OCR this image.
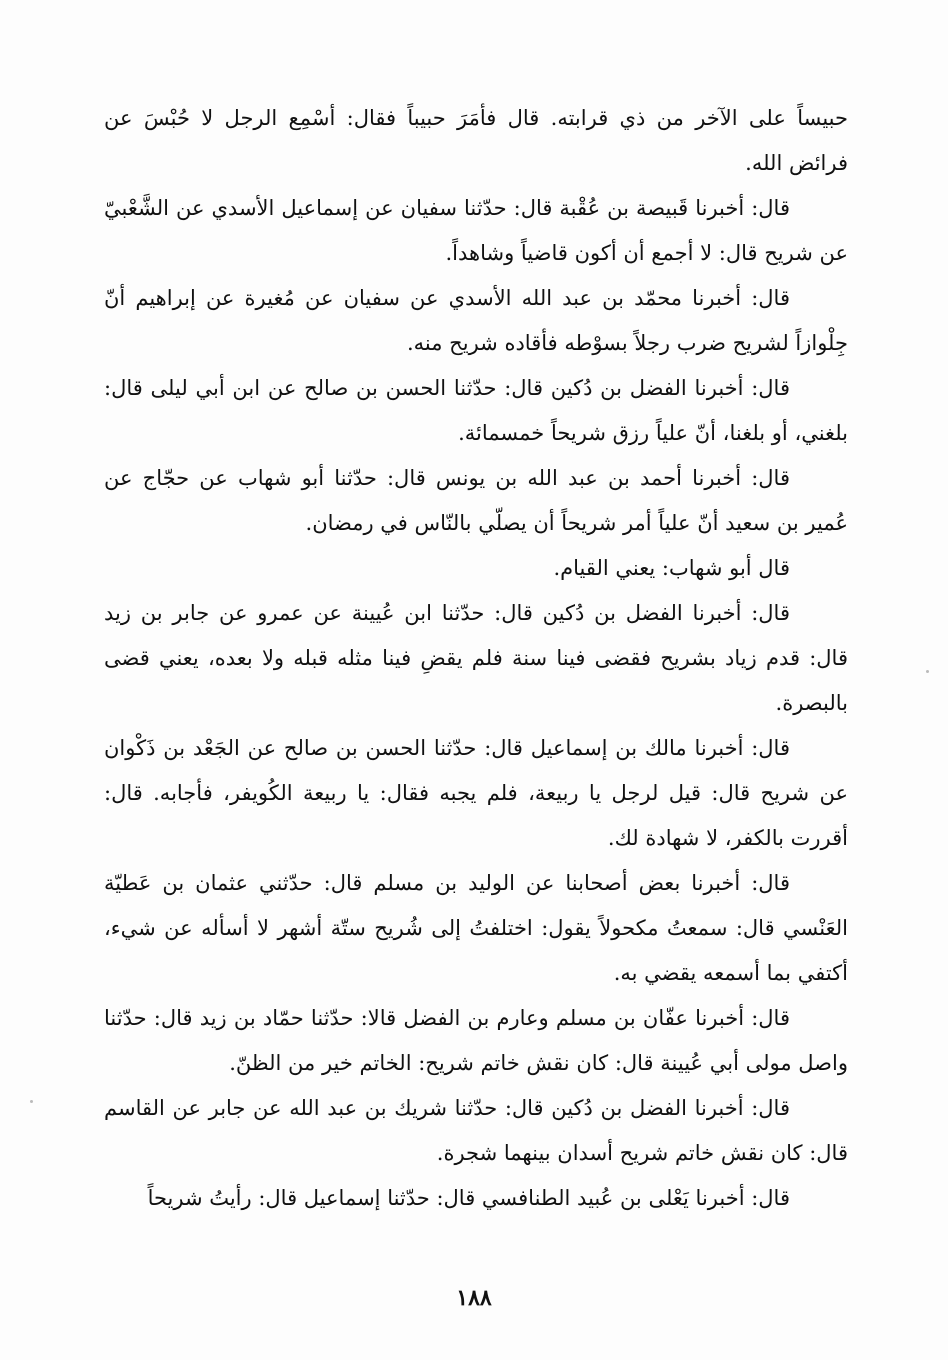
حبيساً على الآخر من ذي قرابته. قال فأمَرَ حبيباً فقال: أسْمِع الرجل لا حُبْسَ عن فرائض الله.

قال: أخبرنا قَبيصة بن عُقْبة قال: حدّثنا سفيان عن إسماعيل الأسدي عن الشَّعْبيّ عن شريح قال: لا أجمع أن أكون قاضياً وشاهداً.

قال: أخبرنا محمّد بن عبد الله الأسدي عن سفيان عن مُغيرة عن إبراهيم أنّ جِلْوازاً لشريح ضرب رجلاً بسوْطه فأقاده شريح منه.

قال: أخبرنا الفضل بن دُكين قال: حدّثنا الحسن بن صالح عن ابن أبي ليلى قال: بلغني، أو بلغنا، أنّ علياً رزق شريحاً خمسمائة.

قال: أخبرنا أحمد بن عبد الله بن يونس قال: حدّثنا أبو شهاب عن حجّاج عن عُمير بن سعيد أنّ علياً أمر شريحاً أن يصلّي بالنّاس في رمضان.

قال أبو شهاب: يعني القيام.

قال: أخبرنا الفضل بن دُكين قال: حدّثنا ابن عُيينة عن عمرو عن جابر بن زيد قال: قدم زياد بشريح فقضى فينا سنة فلم يقضِ فينا مثله قبله ولا بعده، يعني قضى بالبصرة.

قال: أخبرنا مالك بن إسماعيل قال: حدّثنا الحسن بن صالح عن الجَعْد بن ذَكْوان عن شريح قال: قيل لرجل يا ربيعة، فلم يجبه فقال: يا ربيعة الكُويفر، فأجابه. قال: أقررت بالكفر، لا شهادة لك.

قال: أخبرنا بعض أصحابنا عن الوليد بن مسلم قال: حدّثني عثمان بن عَطيّة العَنْسي قال: سمعتُ مكحولاً يقول: اختلفتُ إلى شُريح ستّة أشهر لا أسأله عن شيء، أكتفي بما أسمعه يقضي به.

قال: أخبرنا عفّان بن مسلم وعارم بن الفضل قالا: حدّثنا حمّاد بن زيد قال: حدّثنا واصل مولى أبي عُيينة قال: كان نقش خاتم شريح: الخاتم خير من الظنّ.

قال: أخبرنا الفضل بن دُكين قال: حدّثنا شريك بن عبد الله عن جابر عن القاسم قال: كان نقش خاتم شريح أسدان بينهما شجرة.

قال: أخبرنا يَعْلى بن عُبيد الطنافسي قال: حدّثنا إسماعيل قال: رأيتُ شريحاً

١٨٨
